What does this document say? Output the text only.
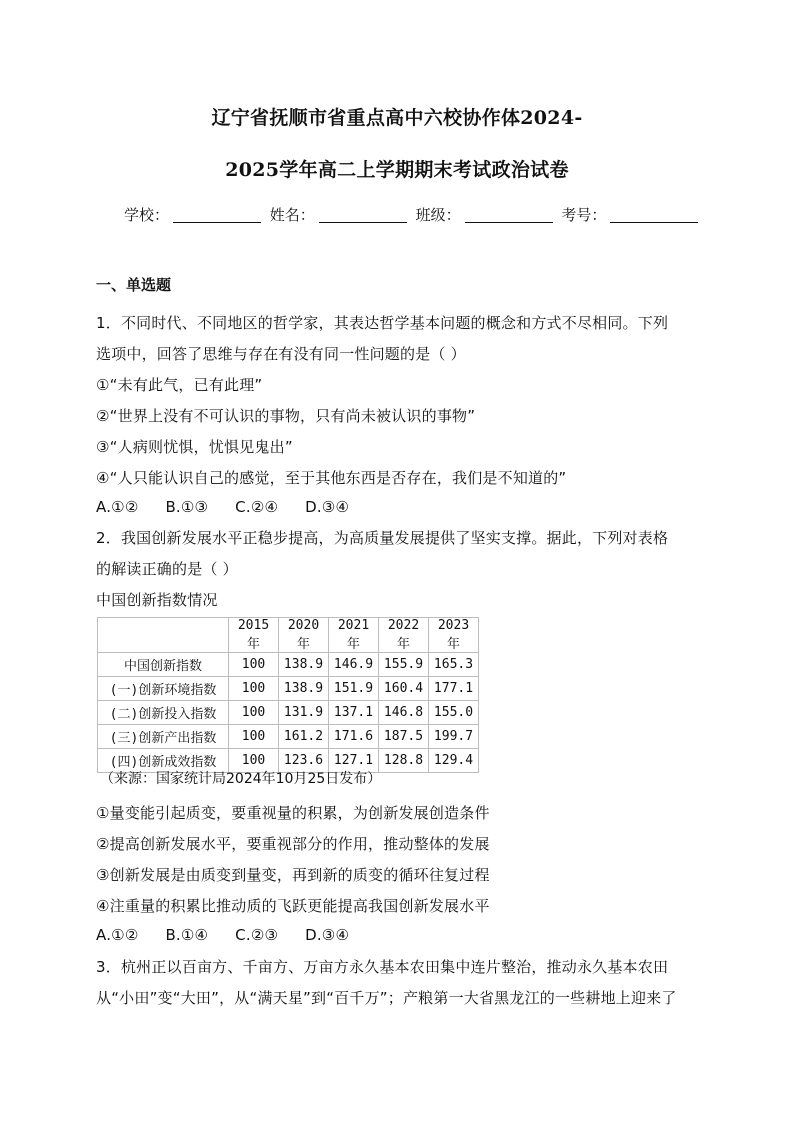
辽宁省抚顺市省重点高中六校协作体2024-
2025学年高二上学期期末考试政治试卷
学校：	姓名：	班级：	考号：
一、单选题
1．不同时代、不同地区的哲学家，其表达哲学基本问题的概念和方式不尽相同。下列
选项中，回答了思维与存在有没有同一性问题的是（ ）
①“未有此气，已有此理”
②“世界上没有不可认识的事物，只有尚未被认识的事物”
③“人病则忧惧，忧惧见鬼出”
④“人只能认识自己的感觉，至于其他东西是否存在，我们是不知道的”
A.①② B.①③ C.②④ D.③④
2．我国创新发展水平正稳步提高，为高质量发展提供了坚实支撑。据此，下列对表格
的解读正确的是（ ）
中国创新指数情况
	2015年	2020年	2021年	2022年	2023年
中国创新指数	100	138.9	146.9	155.9	165.3
(一)创新环境指数	100	138.9	151.9	160.4	177.1
(二)创新投入指数	100	131.9	137.1	146.8	155.0
(三)创新产出指数	100	161.2	171.6	187.5	199.7
(四)创新成效指数	100	123.6	127.1	128.8	129.4
（来源：国家统计局2024年10月25日发布）
①量变能引起质变，要重视量的积累，为创新发展创造条件
②提高创新发展水平，要重视部分的作用，推动整体的发展
③创新发展是由质变到量变，再到新的质变的循环往复过程
④注重量的积累比推动质的飞跃更能提高我国创新发展水平
A.①② B.①④ C.②③ D.③④
3．杭州正以百亩方、千亩方、万亩方永久基本农田集中连片整治，推动永久基本农田
从“小田”变“大田”，从“满天星”到“百千万”；产粮第一大省黑龙江的一些耕地上迎来了
